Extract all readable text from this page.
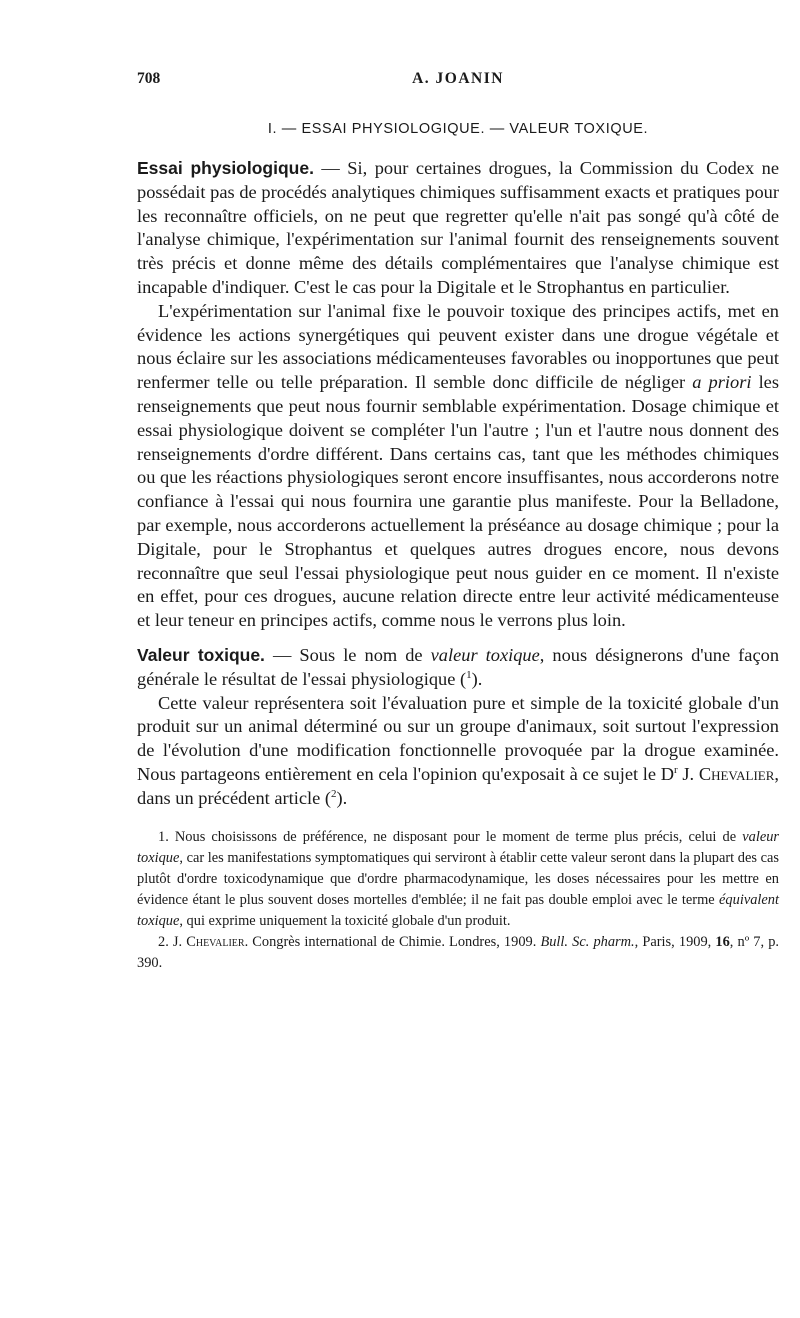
708	A. JOANIN
I. — ESSAI PHYSIOLOGIQUE. — VALEUR TOXIQUE.

Essai physiologique. — Si, pour certaines drogues, la Commission du Codex ne possédait pas de procédés analytiques chimiques suffisamment exacts et pratiques pour les reconnaître officiels, on ne peut que regretter qu'elle n'ait pas songé qu'à côté de l'analyse chimique, l'expérimentation sur l'animal fournit des renseignements souvent très précis et donne même des détails complémentaires que l'analyse chimique est incapable d'indiquer. C'est le cas pour la Digitale et le Strophantus en particulier.

L'expérimentation sur l'animal fixe le pouvoir toxique des principes actifs, met en évidence les actions synergétiques qui peuvent exister dans une drogue végétale et nous éclaire sur les associations médicamenteuses favorables ou inopportunes que peut renfermer telle ou telle préparation. Il semble donc difficile de négliger a priori les renseignements que peut nous fournir semblable expérimentation. Dosage chimique et essai physiologique doivent se compléter l'un l'autre ; l'un et l'autre nous donnent des renseignements d'ordre différent. Dans certains cas, tant que les méthodes chimiques ou que les réactions physiologiques seront encore insuffisantes, nous accorderons notre confiance à l'essai qui nous fournira une garantie plus manifeste. Pour la Belladone, par exemple, nous accorderons actuellement la préséance au dosage chimique ; pour la Digitale, pour le Strophantus et quelques autres drogues encore, nous devons reconnaître que seul l'essai physiologique peut nous guider en ce moment. Il n'existe en effet, pour ces drogues, aucune relation directe entre leur activité médicamenteuse et leur teneur en principes actifs, comme nous le verrons plus loin.

Valeur toxique. — Sous le nom de valeur toxique, nous désignerons d'une façon générale le résultat de l'essai physiologique ($^1$).

Cette valeur représentera soit l'évaluation pure et simple de la toxicité globale d'un produit sur un animal déterminé ou sur un groupe d'animaux, soit surtout l'expression de l'évolution d'une modification fonctionnelle provoquée par la drogue examinée. Nous partageons entièrement en cela l'opinion qu'exposait à ce sujet le $D^r$ J. Chevalier, dans un précédent article ($^2$).

1. Nous choisissons de préférence, ne disposant pour le moment de terme plus précis, celui de valeur toxique, car les manifestations symptomatiques qui serviront à établir cette valeur seront dans la plupart des cas plutôt d'ordre toxicodynamique que d'ordre pharmacodynamique, les doses nécessaires pour les mettre en évidence étant le plus souvent doses mortelles d'emblée; il ne fait pas double emploi avec le terme équivalent toxique, qui exprime uniquement la toxicité globale d'un produit.

2. J. Chevalier. Congrès international de Chimie. Londres, 1909. Bull. Sc. pharm., Paris, 1909, 16, nº 7, p. 390.
